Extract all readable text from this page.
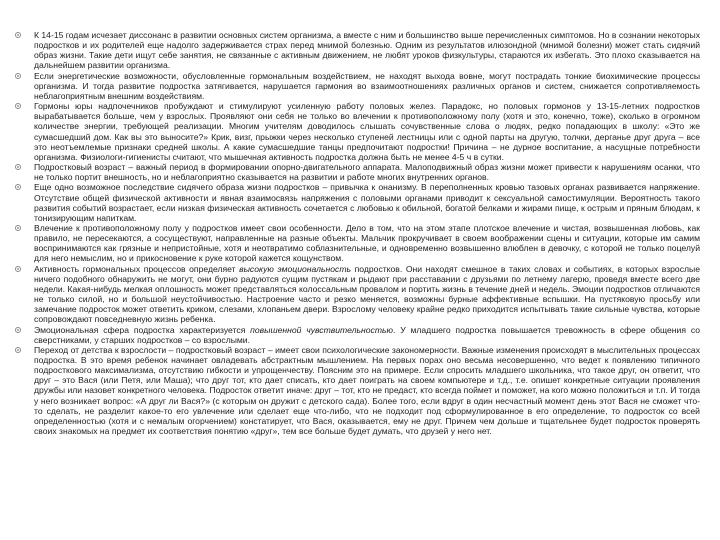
К 14-15 годам исчезает диссонанс в развитии основных систем организма, а вместе с ним и большинство выше перечисленных симптомов. Но в сознании некоторых подростков и их родителей еще надолго задерживается страх перед мнимой болезнью. Одним из результатов илюзондной (мнимой болезни) может стать сидячий образ жизни. Такие дети ищут себе занятия, не связанные с активным движением, не любят уроков физкультуры, стараются их избегать. Это плохо сказывается на дальнейшем развитии организма.
Если энергетические возможности, обусловленные гормональным воздействием, не находят выхода вовне, могут пострадать тонкие биохимические процессы организма. И тогда развитие подростка затягивается, нарушается гармония во взаимоотношениях различных органов и систем, снижается сопротивляемость неблагоприятным внешним воздействиям.
Гормоны юры надпочечников пробуждают и стимулируют усиленную работу половых желез. Парадокс, но половых гормонов у 13-15-летних подростков вырабатывается больше, чем у взрослых. Проявляют они себя не только во влечении к противоположному полу (хотя и это, конечно, тоже), сколько в огромном количестве энергии, требующей реализации. Многим учителям доводилось слышать сочувственные слова о людях, редко попадающих в школу: «Это же сумасшедший дом. Как вы это выносите?» Крик, визг, прыжки через несколько ступеней лестницы или с одной парты на другую, толчки, дерганье друг друга – все это неотъемлемые признаки средней школы. А какие сумасшедшие танцы предпочитают подростки! Причина – не дурное воспитание, а насущные потребности организма. Физиологи-гигиенисты считают, что мышечная активность подростка должна быть не менее 4-5 ч в сутки.
Подростковый возраст – важный период в формировании опорно-двигательного аппарата. Малоподвижный образ жизни может привести к нарушениям осанки, что не только портит внешность, но и неблагоприятно сказывается на развитии и работе многих внутренних органов.
Еще одно возможное последствие сидячего образа жизни подростков – привычка к онанизму. В переполненных кровью тазовых органах развивается напряжение. Отсутствие общей физической активности и явная взаимосвязь напряжения с половыми органами приводит к сексуальной самостимуляции. Вероятность такого развития событий возрастает, если низкая физическая активность сочетается с любовью к обильной, богатой белками и жирами пище, к острым и пряным блюдам, к тонизирующим напиткам.
Влечение к противоположному полу у подростков имеет свои особенности. Дело в том, что на этом этапе плотское влечение и чистая, возвышенная любовь, как правило, не пересекаются, а сосуществуют, направленные на разные объекты. Мальчик прокручивает в своем воображении сцены и ситуации, которые им самим воспринимаются как грязные и непристойные, хотя и неотвратимо соблазнительные, и одновременно возвышенно влюблен в девочку, с которой не только поцелуй для него немыслим, но и прикосновение к руке которой кажется кощунством.
Активность гормональных процессов определяет высокую эмоциональность подростков. Они находят смешное в таких словах и событиях, в которых взрослые ничего подобного обнаружить не могут, они бурно радуются сущим пустякам и рыдают при расставании с друзьями по летнему лагерю, проведя вместе всего две недели. Какая-нибудь мелкая оплошность может представляться колоссальным провалом и портить жизнь в течение дней и недель. Эмоции подростков отличаются не только силой, но и большой неустойчивостью. Настроение часто и резко меняется, возможны бурные аффективные вспышки. На пустяковую просьбу или замечание подросток может ответить криком, слезами, хлопаньем двери. Взрослому человеку крайне редко приходится испытывать такие сильные чувства, которые сопровождают повседневную жизнь ребенка.
Эмоциональная сфера подростка характеризуется повышенной чувствительностью. У младшего подростка повышается тревожность в сфере общения со сверстниками, у старших подростков – со взрослыми.
Переход от детства к взрослости – подростковый возраст – имеет свои психологические закономерности. Важные изменения происходят в мыслительных процессах подростка. В это время ребенок начинает овладевать абстрактным мышлением. На первых порах оно весьма несовершенно, что ведет к появлению типичного подросткового максимализма, отсутствию гибкости и упрощенчеству. Поясним это на примере. Если спросить младшего школьника, что такое друг, он ответит, что друг – это Вася (или Петя, или Маша); что друг тот, кто дает списать, кто дает поиграть на своем компьютере и т.д., т.е. опишет конкретные ситуации проявления дружбы или назовет конкретного человека. Подросток ответит иначе: друг – тот, кто не предаст, кто всегда поймет и поможет, на кого можно положиться и т.п. И тогда у него возникает вопрос: «А друг ли Вася?» (с которым он дружит с детского сада). Более того, если вдруг в один несчастный момент день этот Вася не сможет что-то сделать, не разделит какое-то его увлечение или сделает еще что-либо, что не подходит под сформулированное в его определение, то подросток со всей определенностью (хотя и с немалым огорчением) констатирует, что Вася, оказывается, ему не друг. Причем чем дольше и тщательнее будет подросток проверять своих знакомых на предмет их соответствия понятию «друг», тем все больше будет думать, что друзей у него нет.
